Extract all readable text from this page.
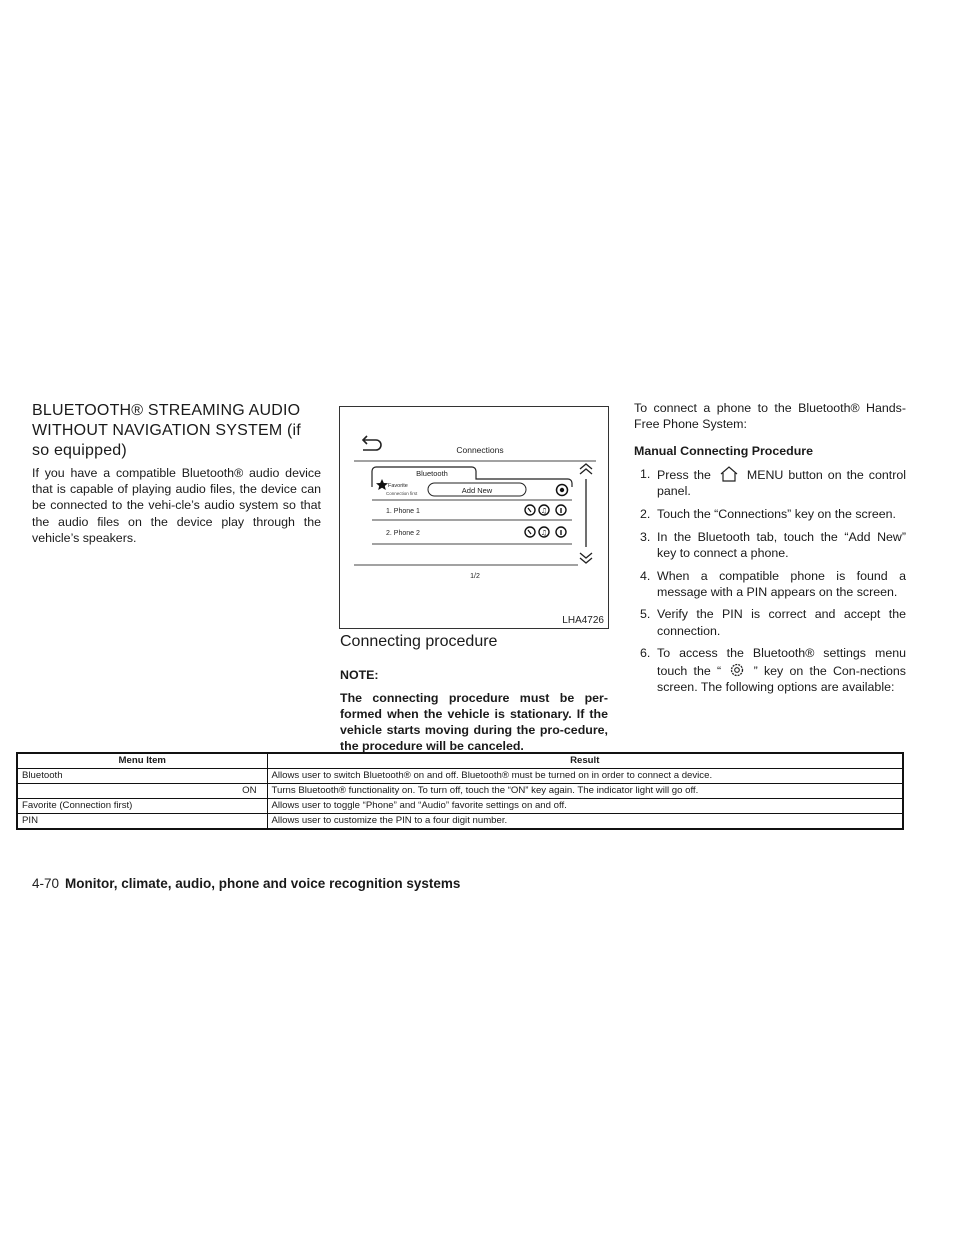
BLUETOOTH® STREAMING AUDIO
WITHOUT NAVIGATION SYSTEM (if
so equipped)
If you have a compatible Bluetooth® audio device that is capable of playing audio files, the device can be connected to the vehi-cle’s audio system so that the audio files on the device play through the vehicle’s speakers.
Connections
Bluetooth
Favorite
Connection first	Add New
1. Phone 1	♫
2. Phone 2	♫
1/2
LHA4726
Connecting procedure
NOTE:
The connecting procedure must be per-formed when the vehicle is stationary. If the vehicle starts moving during the pro-cedure, the procedure will be canceled.
To connect a phone to the Bluetooth® Hands-Free Phone System:
Manual Connecting Procedure
1. Press the	MENU button on the control panel.
2. Touch the “Connections” key on the screen.
3. In the Bluetooth tab, touch the “Add New” key to connect a phone.
4. When a compatible phone is found a message with a PIN appears on the screen.
5. Verify the PIN is correct and accept the connection.
6. To access the Bluetooth® settings menu touch the “	” key on the Con-nections screen. The following options are available:
Menu Item	Result
Bluetooth	Allows user to switch Bluetooth® on and off. Bluetooth® must be turned on in order to connect a device.
ON	Turns Bluetooth® functionality on. To turn off, touch the “ON” key again. The indicator light will go off.
Favorite (Connection first)	Allows user to toggle “Phone” and “Audio” favorite settings on and off.
PIN	Allows user to customize the PIN to a four digit number.
4-70 Monitor, climate, audio, phone and voice recognition systems
